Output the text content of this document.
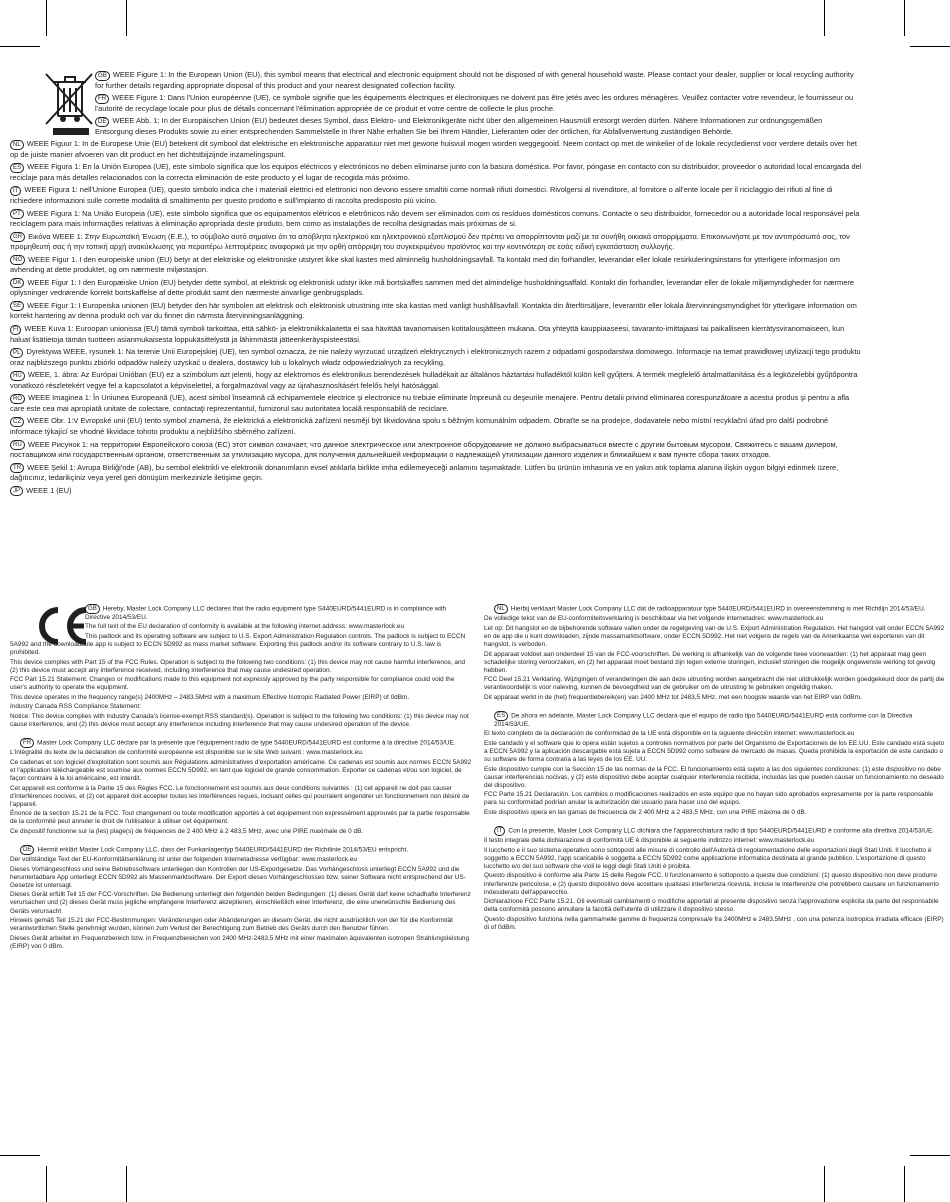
GB WEEE Figure 1: In the European Union (EU), this symbol means that electrical and electronic equipment should not be disposed of with general household waste. Please contact your dealer, supplier or local recycling authority for further details regarding appropriate disposal of this product and your nearest designated collection facility.
FR WEEE Figure 1: Dans l'Union européenne (UE), ce symbole signifie que les équipements électriques et électroniques ne doivent pas être jetés avec les ordures ménagères. Veuillez contacter votre revendeur, le fournisseur ou l'autorité de recyclage locale pour plus de détails concernant l'élimination appropriée de ce produit et votre centre de collecte le plus proche.
DE WEEE Abb. 1: In der Europäischen Union (EU) bedeutet dieses Symbol, dass Elektro- und Elektronikgeräte nicht über den allgemeinen Hausmüll entsorgt werden dürfen. Nähere Informationen zur ordnungsgemäßen Entsorgung dieses Produkts sowie zu einer entsprechenden Sammelstelle in Ihrer Nähe erhalten Sie bei Ihrem Händler, Lieferanten oder der örtlichen, für Abfallverwertung zuständigen Behörde.
NL WEEE Figuur 1: In de Europese Unie (EU) betekent dit symbool dat elektrische en elektronische apparatuur niet met gewone huisvuil mogen worden weggegooid. Neem contact op met de winkelier of de lokale recycledienst voor verdere details over het op de juiste manier afvoeren van dit product en het dichtstbijzijnde inzamelingspunt.
ES WEEE Figura 1: En la Unión Europea (UE), este símbolo significa que los equipos eléctricos y electrónicos no deben eliminarse junto con la basura doméstica. Por favor, póngase en contacto con su distribuidor, proveedor o autoridad local encargada del reciclaje para más detalles relacionados con la correcta eliminación de este producto y el lugar de recogida más próximo.
IT WEEE Figura 1: nell'Unione Europea (UE), questo simbolo indica che i materiali elettrici ed elettronici non devono essere smaltiti come normali rifiuti domestici. Rivolgersi al rivenditore, al fornitore o all'ente locale per il riciclaggio dei rifiuti al fine di richiedere informazioni sulle corrette modalità di smaltimento per questo prodotto e sull'impianto di raccolta predisposto più vicino.
PT WEEE Figura 1: Na União Europeia (UE), este símbolo significa que os equipamentos elétricos e eletrônicos não devem ser eliminados com os resíduos domésticos comuns. Contacte o seu distribuidor, fornecedor ou a autoridade local responsável pela reciclagem para mais informações relativas à eliminação apropriada deste produto, bem como as instalações de recolha designadas mais próximas de si.
GR Εικόνα WEEE 1: Στην Ευρωπαϊκή Ένωση (Ε.Ε.), το σύμβολο αυτό σημαίνει ότι τα απόβλητα ηλεκτρικού και ηλεκτρονικού εξοπλισμού δεν πρέπει να απορρίπτονται μαζί με τα συνήθη οικιακά απορρίμματα. Επικοινωνήστε με τον αντιπρόσωπό σας, τον προμηθευτή σας ή την τοπική αρχή ανακύκλωσης για περαιτέρω λεπτομέρειες αναφορικά με την ορθή απόρριψη του συγκεκριμένου προϊόντος και την κοντινότερη σε εσάς ειδική εγκατάσταση συλλογής.
NO WEEE Figur 1. I den europeiske union (EU) betyr at det elektriske og elektroniske utstyret ikke skal kastes med alminnelig husholdningsavfall. Ta kontakt med din forhandler, leverandør eller lokale resirkuleringsinstans for ytterligere informasjon om avhending at dette produktet, og om nærmeste miljøstasjon.
DK WEEE Figur 1: I den Europæiske Union (EU) betyder dette symbol, at elektrisk og elektronisk udstyr ikke må bortskaffes sammen med det almindelige husholdningsaffald. Kontakt din forhandler, leverandør eller de lokale miljømyndigheder for nærmere oplysninger vedrørende korrekt bortskaffelse af dette produkt samt den nærmeste anvarlige genbrugsplads.
SE WEEE Figur 1: I Europeiska unionen (EU) betyder den här symbolen att elektrisk och elektronisk utrustning inte ska kastas med vanligt hushållsavfall. Kontakta din återförsäljare, leverantör eller lokala återvinningsmyndighet för ytterligare information om korrekt hantering av denna produkt och var du finner din närmsta återvinningsanläggning.
FI WEEE Kuva 1: Euroopan unionissa (EU) tämä symboli tarkoittaa, että sähkö- ja elektroniikkalaitetta ei saa hävittää tavanomaisen kotitalousjätteen mukana. Ota yhteyttä kauppiaaseesi, tavaranto-imittajaasi tai paikalliseen kierrätysviranomaiseen, kun haluat lisätietoja tämän tuotteen asianmukaisesta loppukäsittelystä ja lähimmästä jätteenkeräyspisteestäsi.
PL Dyrektywa WEEE, rysunek 1: Na terenie Unii Europejskiej (UE), ten symbol oznacza, że nie należy wyrzucać urządzeń elektrycznych i elektronicznych razem z odpadami gospodarstwa domowego. Informacje na temat prawidłowej utylizacji tego produktu oraz najbliższego punktu zbiórki odpadów należy uzyskać u dealera, dostawcy lub u lokalnych władz odpowiedzialnych za recykling.
HU WEEE, 1. ábra: Az Európai Unióban (EU) ez a szimbólum azt jelenti, hogy az elektromos és elektronikus berendezések hulladékait az általános háztartási hulladéktól külön kell gyűjteni. A termék megfelelő ártalmatlanítása és a legközelebbi gyűjtőpontra vonatkozó részletekért vegye fel a kapcsolatot a képviselettel, a forgalmazóval vagy az újrahasznosításért felelős helyi hatósággal.
RO WEEE Imaginea 1: În Uniunea Europeană (UE), acest simbol înseamnă că echipamentele electrice şi electronice nu trebuie eliminate împreună cu deşeurile menajere. Pentru detalii privind eliminarea corespunzătoare a acestui produs şi pentru a afla care este cea mai apropiată unitate de colectare, contactaţi reprezentantul, furnizorul sau autoritatea locală responsabilă de reciclare.
CZ WEEE Obr. 1:V Evropské unii (EU) tento symbol znamená, že elektrická a elektronická zařízení nesmějí být likvidována spolu s běžným komunálním odpadem. Obraťte se na prodejce, dodavatele nebo místní recyklační úřad pro další podrobné informace týkající se vhodné likvidace tohoto produktu a nejbližšího sběrného zařízení.
RU WEEE Рисунок 1: на территории Европейского союза (ЕС) этот символ означает, что данное электрическое или электронное оборудование не должно выбрасываться вместе с другим бытовым мусором. Свяжитесь с вашим дилером, поставщиком или государственным органом, ответственным за утилизацию мусора, для получения дальнейшей информации о надлежащей утилизации данного изделия и ближайшем к вам пункте сбора таких отходов.
TR WEEE Şekil 1: Avrupa Birliği'nde (AB), bu sembol elektrikli ve elektronik donanımların evsel atıklarla birlikte imha edilemeyeceği anlamını taşımaktadır. Lütfen bu ürünün imhasına ve en yakın atık toplama alanına ilişkin uygun bilgiyi edinmek üzere, dağıtıcınız, tedarikçiniz veya yerel geri dönüşüm merkezinizle iletişime geçin.
JP WEEE 1 (EU)

GB Hereby, Master Lock Company LLC declares that the radio equipment type S440EURD/5441EURD is in compliance with Directive 2014/53/EU.

The full text of the EU declaration of conformity is available at the following internet address: www.masterlock.eu

This padlock and its operating software are subject to U.S. Export Administration Regulation controls. The padlock is subject to ECCN 5A992 and the downloadable app is subject to ECCN 5D992 as mass market software. Exporting this padlock and/or its software contrary to U.S. law is prohibited.

This device complies with Part 15 of the FCC Rules. Operation is subject to the following two conditions: (1) this device may not cause harmful interference, and (2) this device must accept any interference received, including interference that may cause undesired operation.

FCC Part 15.21 Statement. Changes or modifications made to this equipment not expressly approved by the party responsible for compliance could void the user's authority to operate the equipment.

This device operates in the frequency range(s) 2400MHz – 2483.5MHz with a maximum Effective Isotropic Radiated Power (EIRP) of 0dBm.

Industry Canada RSS Compliance Statement:

Notice: This device complies with Industry Canada's license-exempt RSS standard(s). Operation is subject to the following two conditions: (1) this device may not cause interference, and (2) this device must accept any interference including interference that may cause undesired operation of the device.

FR Master Lock Company LLC déclare par la présente que l'équipement radio de type 5440EURD/5441EURD est conforme à la directive 2014/53/UE.

L'intégralité du texte de la déclaration de conformité européenne est disponible sur le site Web suivant : www.masterlock.eu.

Ce cadenas et son logiciel d'exploitation sont soumis aux Régulations administratives d'exportation américaine. Ce cadenas est soumis aux normes ECCN 5A992 et l'application téléchargeable est soumise aux normes ECCN 5D992, en tant que logiciel de grande consommation. Exporter ce cadenas et/ou son logiciel, de façon contraire à la loi américaine, est interdit.

Cet appareil est conforme à la Partie 15 des Règles FCC. Le fonctionnement est soumis aux deux conditions suivantes : (1) cet appareil ne doit pas causer d'interférences nocives, et (2) cet appareil doit accepter toutes les interférences reçues, incluant celles qui pourraient engendrer un fonctionnement non désiré de l'appareil.

Énoncé de la section 15.21 de la FCC. Tout changement ou toute modification apportés à cet équipement non expressément approuvés par la partie responsable de la conformité peut annuler le droit de l'utilisateur à utiliser cet équipement.

Ce dispositif fonctionne sur la (les) plage(s) de fréquences de 2 400 MHz à 2 483,5 MHz, avec une PIRE maximale de 0 dB.

DE Hiermit erklärt Master Lock Company LLC, dass der Funkanlagentyp 5440EURD/5441EURD der Richtlinie 2014/53/EU entspricht.

Der vollständige Text der EU-Konformitätserklärung ist unter der folgenden Internetadresse verfügbar: www.masterlock.eu

Dieses Vorhängeschloss und seine Betriebssoftware unterliegen den Kontrollen der US-Exportgesetze. Das Vorhängeschloss unterliegt ECCN 5A992 und die herunterladbare App unterliegt ECCN 5D992 als Massenmarktsoftware. Der Export dieses Vorhängeschlosses bzw. seiner Software nicht entsprechend der US-Gesetze ist untersagt.

Dieses Gerät erfüllt Teil 15 der FCC-Vorschriften. Die Bedienung unterliegt den folgenden beiden Bedingungen: (1) dieses Gerät darf keine schadhafte Interferenz verursachen und (2) dieses Gerät muss jegliche empfangene Interferenz akzeptieren, einschließlich einer Interferenz, die eine unerwünschte Bedienung des Geräts verursacht

Hinweis gemäß Teil 15.21 der FCC-Bestimmungen: Veränderungen oder Abänderungen an diesem Gerät, die nicht ausdrücklich von der für die Konformität verantwortlichen Stelle genehmigt wurden, können zum Verlust der Berechtigung zum Betrieb des Geräts durch den Benutzer führen.

Dieses Gerät arbeitet im Frequenzbereich bzw. in Frequenzbereichen von 2400 MHz-2483,5 MHz mit einer maximalen äquivalenten isotropen Strahlungsleistung (EIRP) von 0 dBm.

NL Hierbij verklaart Master Lock Company LLC dat de radioapparatuur type 5440EURD/5441EURD in overeenstemming is met Richtlijn 2014/53/EU.

De volledige tekst van de EU-conformiteitsverklaring is beschikbaar via het volgende internetadres: www.masterlock.eu

Let op: Dit hangslot en de bijbehorende software vallen onder de regelgeving van de U.S. Export Administration Regulation. Het hangslot valt onder ECCN 5A992 en de app die u kunt downloaden, zijnde massamarktsoftware, onder ECCN 5D992. Het niet volgens de regels van de Amerikaanse wet exporteren van dit hangslot, is verboden.

Dit apparaat voldoet aan onderdeel 15 van de FCC-voorschriften. De werking is afhankelijk van de volgende twee voorwaarden: (1) het apparaat mag geen schadelijke storing veroorzaken, en (2) het apparaat moet bestand zijn tegen externe storingen, inclusief storingen die mogelijk ongewenste werking tot gevolg hebben.

FCC Deel 15.21 Verklaring. Wijzigingen of veranderingen die aan deze uitrusting worden aangebracht die niet uitdrukkelijk worden goedgekeurd door de partij die verantwoordelijk is voor naleving, kunnen de bevoegdheid van de gebruiker om de uitrusting te gebruiken ongeldig maken.

Dit apparaat werkt in de (het) frequentiebereik(en) van 2400 MHz tot 2483,5 MHz, met een hoogste waarde van het EIRP van 0dBm.

ES De ahora en adelante, Master Lock Company LLC declara que el equipo de radio tipo 5440EURD/5441EURD está conforme con la Directiva 2014/53/UE.

El texto completo de la declaración de conformidad de la UE está disponible en la siguiente dirección internet: www.masterlock.eu

Este candado y el software que lo opera están sujetos a controles normativos por parte del Organismo de Exportaciones de los EE.UU. Este candado está sujeto a ECCN 5A992 y la aplicación descargable está sujeta a ECCN 5D992 como software de mercado de masas. Queda prohibida la exportación de este candado o su software de forma contraria a las leyes de los EE. UU.

Este dispositivo cumple con la Sección 15 de las normas de la FCC. El funcionamiento está sujeto a las dos siguientes condiciones: (1) este dispositivo no debe causar interferencias nocivas, y (2) este dispositivo debe aceptar cualquier interferencia recibida, incluidas las que pueden causar un funcionamiento no deseado del dispositivo.

FCC Parte 15.21 Declaración. Los cambios o modificaciones realizados en este equipo que no hayan sido aprobados expresamente por la parte responsable para su conformidad podrían anular la autorización del usuario para hacer uso del equipo.

Este dispositivo opera en las gamas de frecuencia de 2 400 MHz a 2 483,5 MHz, con una PIRE máxima de 0 dB.

IT Con la presente, Master Lock Company LLC dichiara che l'apparecchiatura radio di tipo 5440EURD/5441EURD è conforme alla direttiva 2014/53/UE.

Il testo integrale della dichiarazione di conformità UE è disponibile al seguente indirizzo internet: www.masterlock.eu

Il lucchetto e il suo sistema operativo sono sottoposti alle misure di controllo dell'Autorità di regolamentazione delle esportazioni degli Stati Uniti. Il lucchetto è soggetto a ECCN 5A992, l'app scaricabile è soggetta a ECCN 5D992 come applicazione informatica destinata al grande pubblico. L'esportazione di questo lucchetto e/o del suo software che violi le leggi degli Stati Uniti è proibita.

Questo dispositivo è conforme alla Parte 15 delle Regole FCC. Il funzionamento è sottoposto a queste due condizioni: (1) questo dispositivo non deve produrre interferenze pericolose, e (2) questo dispositivo deve accettare qualsiasi interferenza ricevuta, incluse le interferenze che potrebbero causare un funzionamento indesiderato dell'apparecchio.

Dichiarazione FCC Parte 15.21. Gli eventuali cambiamenti o modifiche apportati al presente dispositivo senza l'approvazione esplicita da parte del responsabile della conformità possono annullare la facoltà dell'utente di utilizzare il dispositivo stesso.

Questo dispositivo funziona nella gamma/nelle gamme di frequenza compresa/e fra 2400MHz e 2483.5MHz , con una potenza isotropica irradiata efficace (EIRP) di of 0dBm.
